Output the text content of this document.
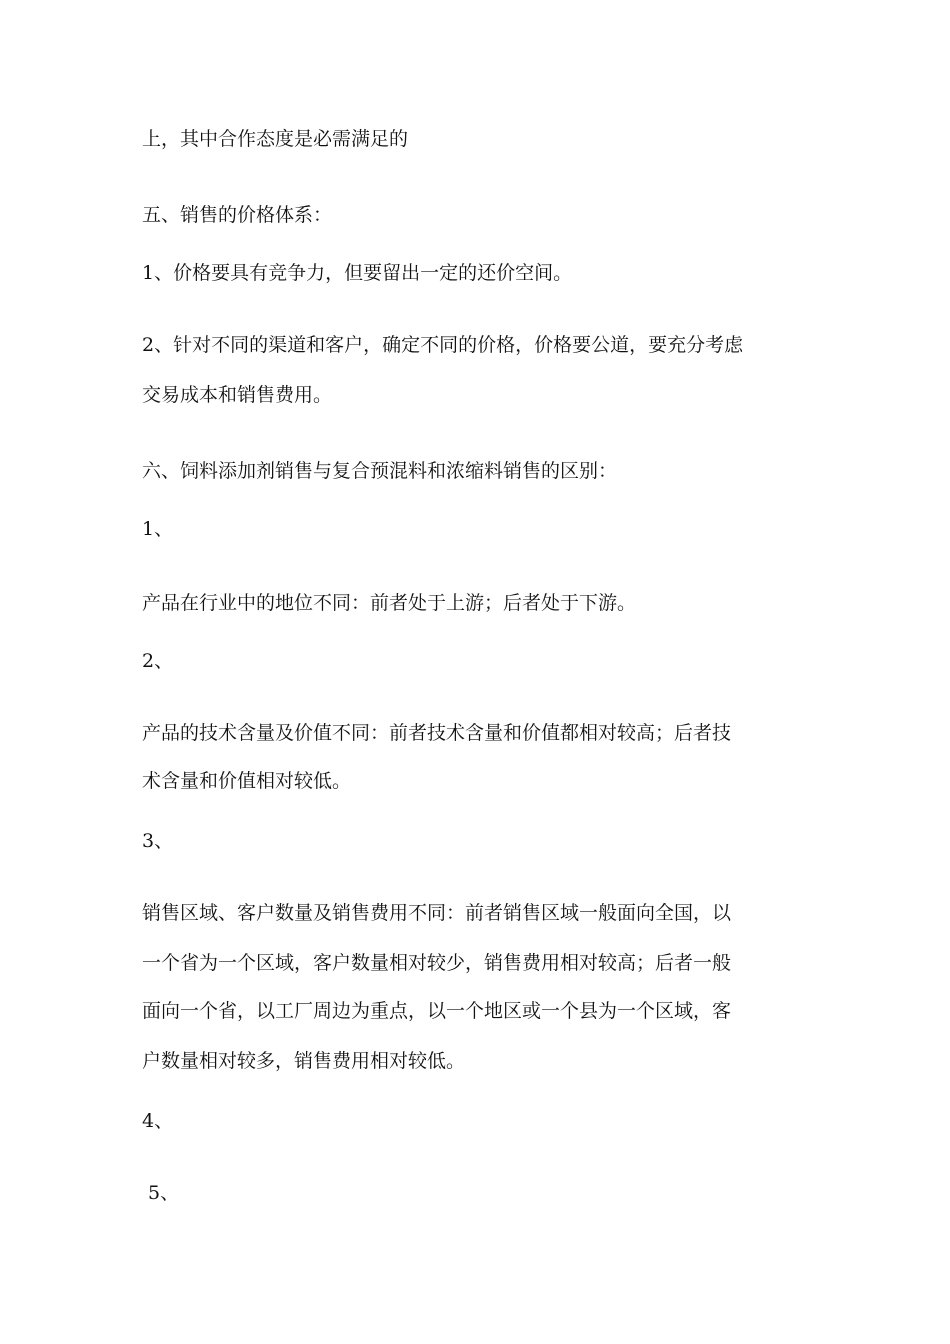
上，其中合作态度是必需满足的

五、销售的价格体系：

1、价格要具有竞争力，但要留出一定的还价空间。

2、针对不同的渠道和客户，确定不同的价格，价格要公道，要充分考虑

交易成本和销售费用。

六、饲料添加剂销售与复合预混料和浓缩料销售的区别：

1、

产品在行业中的地位不同：前者处于上游；后者处于下游。

2、

产品的技术含量及价值不同：前者技术含量和价值都相对较高；后者技

术含量和价值相对较低。

3、

销售区域、客户数量及销售费用不同：前者销售区域一般面向全国，以

一个省为一个区域，客户数量相对较少，销售费用相对较高；后者一般

面向一个省，以工厂周边为重点，以一个地区或一个县为一个区域，客

户数量相对较多，销售费用相对较低。

4、

5、
